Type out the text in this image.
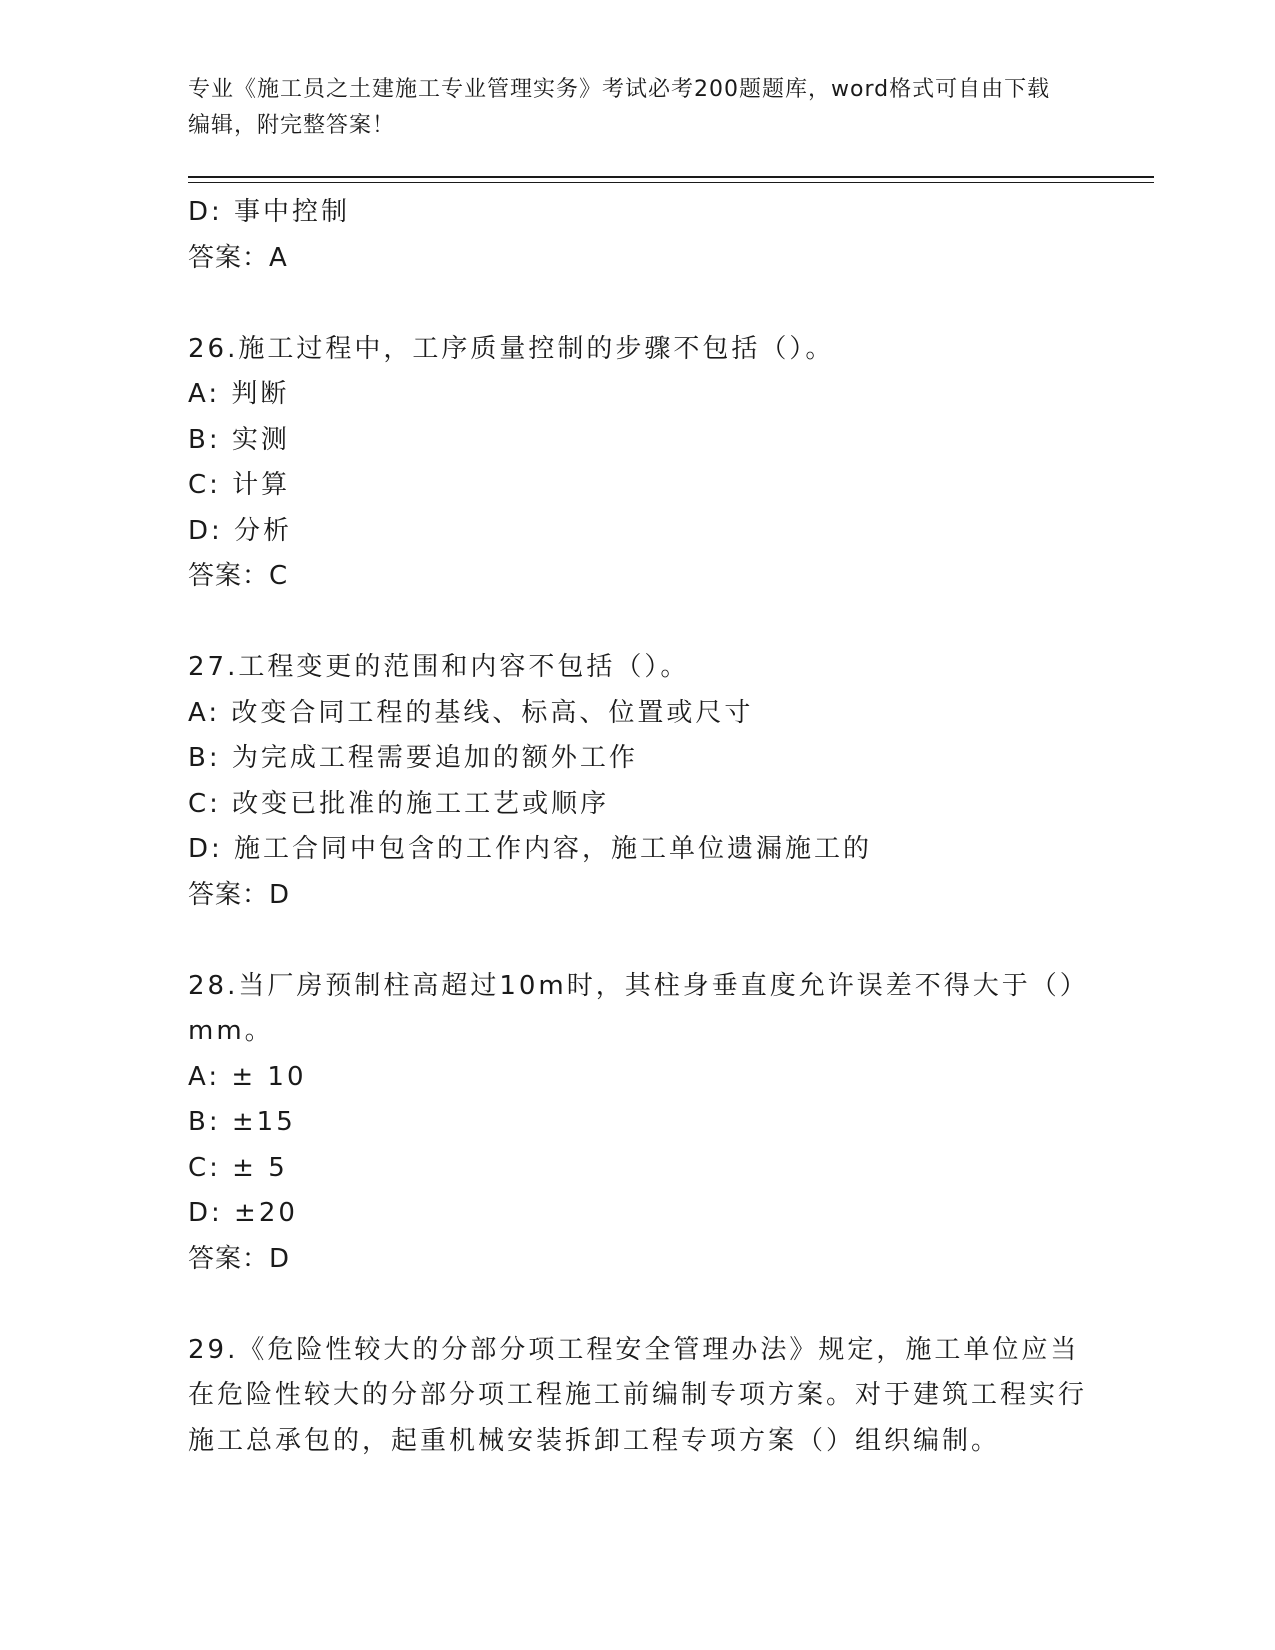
专业《施工员之土建施工专业管理实务》考试必考200题题库，word格式可自由下载编辑，附完整答案！
D: 事中控制
答案：A
26.施工过程中，工序质量控制的步骤不包括（）。
A: 判断
B: 实测
C: 计算
D: 分析
答案：C
27.工程变更的范围和内容不包括（）。
A: 改变合同工程的基线、标高、位置或尺寸
B: 为完成工程需要追加的额外工作
C: 改变已批准的施工工艺或顺序
D: 施工合同中包含的工作内容，施工单位遗漏施工的
答案：D
28.当厂房预制柱高超过10m时，其柱身垂直度允许误差不得大于（）mm。
A: ± 10
B: ±15
C: ± 5
D: ±20
答案：D
29.《危险性较大的分部分项工程安全管理办法》规定，施工单位应当在危险性较大的分部分项工程施工前编制专项方案。对于建筑工程实行施工总承包的，起重机械安装拆卸工程专项方案（）组织编制。
